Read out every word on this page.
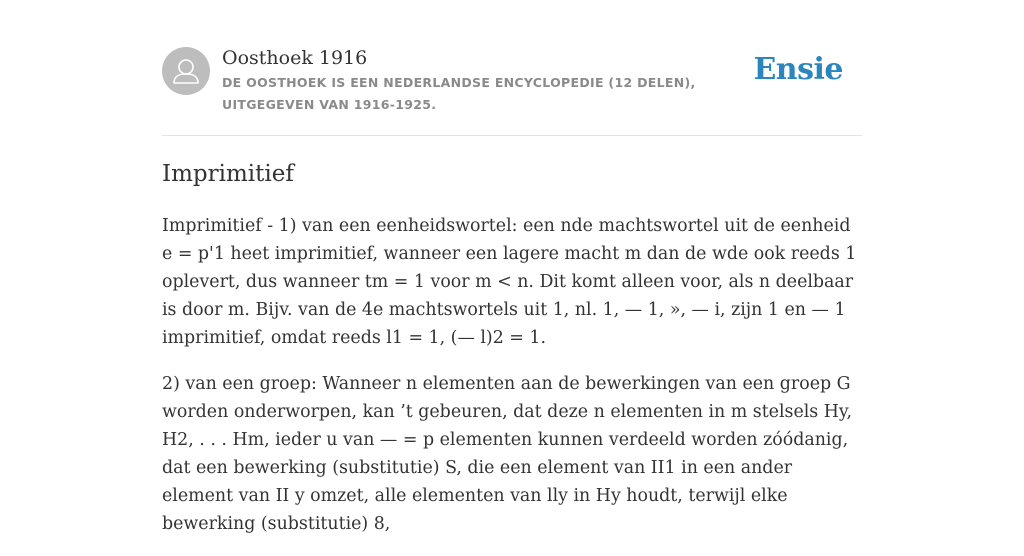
Oosthoek 1916
DE OOSTHOEK IS EEN NEDERLANDSE ENCYCLOPEDIE (12 DELEN), UITGEGEVEN VAN 1916-1925.
Ensie
Imprimitief

Imprimitief - 1) van een eenheidswortel: een nde machtswortel uit de eenheid e = p'1 heet imprimitief, wanneer een lagere macht m dan de wde ook reeds 1 oplevert, dus wanneer tm = 1 voor m < n. Dit komt alleen voor, als n deelbaar is door m. Bijv. van de 4e machtswortels uit 1, nl. 1, — 1, », — i, zijn 1 en — 1 imprimitief, omdat reeds l1 = 1, (— l)2 = 1.

2) van een groep: Wanneer n elementen aan de bewerkingen van een groep G worden onderworpen, kan ’t gebeuren, dat deze n elementen in m stelsels Hy, H2, . . . Hm, ieder u van — = p elementen kunnen verdeeld worden zóódanig, dat een bewerking (substitutie) S, die een element van II1 in een ander element van II y omzet, alle elementen van lly in Hy houdt, terwijl elke bewerking (substitutie) 8,
